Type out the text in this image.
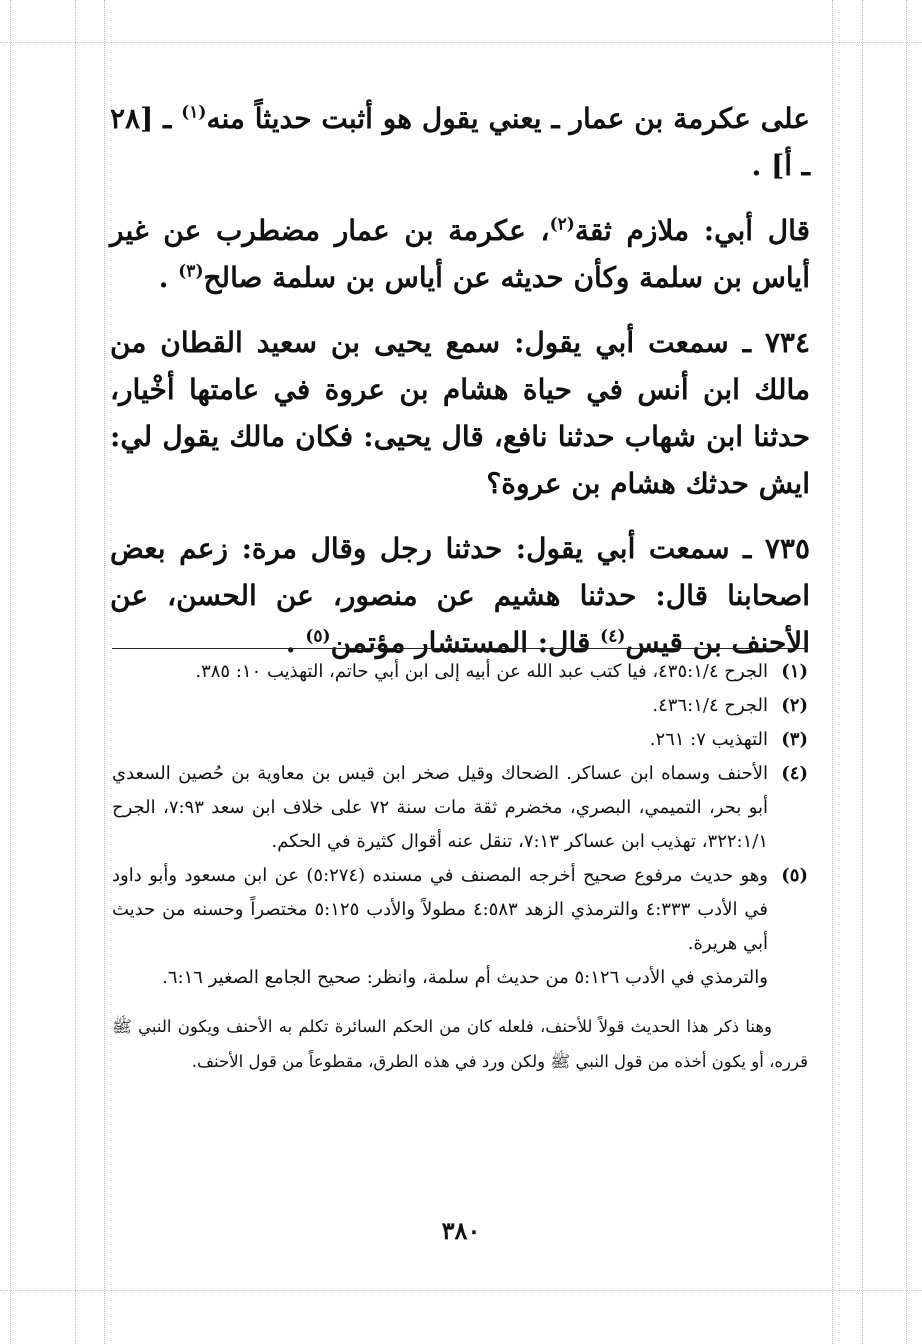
على عكرمة بن عمار ـ يعني يقول هو أثبت حديثاً منه$^{(١)}$ ـ [٢٨ ـ أ] .

قال أبي: ملازم ثقة$^{(٢)}$، عكرمة بن عمار مضطرب عن غير أياس بن سلمة وكأن حديثه عن أياس بن سلمة صالح$^{(٣)}$ .

٧٣٤ ـ سمعت أبي يقول: سمع يحيى بن سعيد القطان من مالك ابن أنس في حياة هشام بن عروة في عامتها أخْيار، حدثنا ابن شهاب حدثنا نافع، قال يحيى: فكان مالك يقول لي: ايش حدثك هشام بن عروة؟

٧٣٥ ـ سمعت أبي يقول: حدثنا رجل وقال مرة: زعم بعض اصحابنا قال: حدثنا هشيم عن منصور، عن الحسن، عن الأحنف بن قيس$^{(٤)}$ قال: المستشار مؤتمن$^{(٥)}$ .

(١)
الجرح ٤٣٥:١/٤، فيا كتب عبد الله عن أبيه إلى ابن أبي حاتم، التهذيب ١٠: ٣٨٥.
(٢)
الجرح ٤٣٦:١/٤.
(٣)
التهذيب ٧: ٢٦١.
(٤)
الأحنف وسماه ابن عساكر. الضحاك وقيل صخر ابن قيس بن معاوية بن حُصين السعدي أبو بحر، التميمي، البصري، مخضرم ثقة مات سنة ٧٢ على خلاف ابن سعد ٧:٩٣، الجرح ٣٢٢:١/١، تهذيب ابن عساكر ٧:١٣، تنقل عنه أقوال كثيرة في الحكم.
(٥)
وهو حديث مرفوع صحيح أخرجه المصنف في مسنده (٥:٢٧٤) عن ابن مسعود وأبو داود في الأدب ٤:٣٣٣ والترمذي الزهد ٤:٥٨٣ مطولاً والأدب ٥:١٢٥ مختصراً وحسنه من حديث أبي هريرة.

والترمذي في الأدب ٥:١٢٦ من حديث أم سلمة، وانظر: صحيح الجامع الصغير ٦:١٦.

وهنا ذكر هذا الحديث قولاً للأحنف، فلعله كان من الحكم السائرة تكلم به الأحنف ويكون النبي ﷺ قرره، أو يكون أخذه من قول النبي ﷺ ولكن ورد في هذه الطرق، مقطوعاً من قول الأحنف.

٣٨٠
